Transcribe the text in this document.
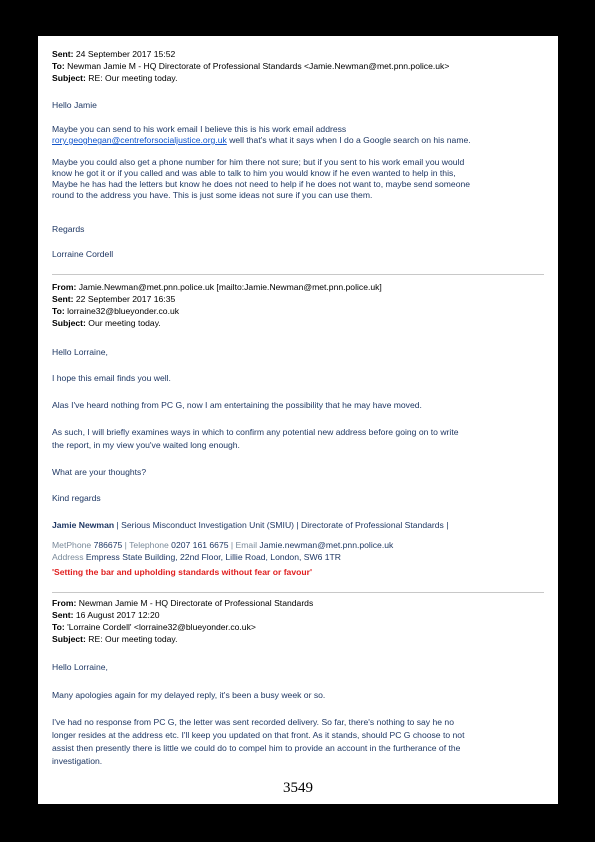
Sent: 24 September 2017 15:52
To: Newman Jamie M - HQ Directorate of Professional Standards <Jamie.Newman@met.pnn.police.uk>
Subject: RE: Our meeting today.
Hello Jamie
Maybe you can send to his work email I believe this is his work email address
rory.geoghegan@centreforsocialjustice.org.uk well that's what it says when I do a Google search on his name.
Maybe you could also get a phone number for him there not sure; but if you sent to his work email you would
know he got it or if you called and was able to talk to him you would know if he even wanted to help in this,
Maybe he has had the letters but know he does not need to help if he does not want to, maybe send someone
round to the address you have. This is just some ideas not sure if you can use them.
Regards
Lorraine Cordell
From: Jamie.Newman@met.pnn.police.uk [mailto:Jamie.Newman@met.pnn.police.uk]
Sent: 22 September 2017 16:35
To: lorraine32@blueyonder.co.uk
Subject: Our meeting today.
Hello Lorraine,
I hope this email finds you well.
Alas I've heard nothing from PC G, now I am entertaining the possibility that he may have moved.
As such, I will briefly examines ways in which to confirm any potential new address before going on to write
the report, in my view you've waited long enough.
What are your thoughts?
Kind regards
Jamie Newman | Serious Misconduct Investigation Unit (SMIU) | Directorate of Professional Standards |
MetPhone 786675 | Telephone 0207 161 6675 | Email Jamie.newman@met.pnn.police.uk
Address Empress State Building, 22nd Floor, Lillie Road, London, SW6 1TR
'Setting the bar and upholding standards without fear or favour'
From: Newman Jamie M - HQ Directorate of Professional Standards
Sent: 16 August 2017 12:20
To: 'Lorraine Cordell' <lorraine32@blueyonder.co.uk>
Subject: RE: Our meeting today.
Hello Lorraine,
Many apologies again for my delayed reply, it's been a busy week or so.
I've had no response from PC G, the letter was sent recorded delivery. So far, there's nothing to say he no
longer resides at the address etc. I'll keep you updated on that front. As it stands, should PC G choose to not
assist then presently there is little we could do to compel him to provide an account in the furtherance of the
investigation.
3549
